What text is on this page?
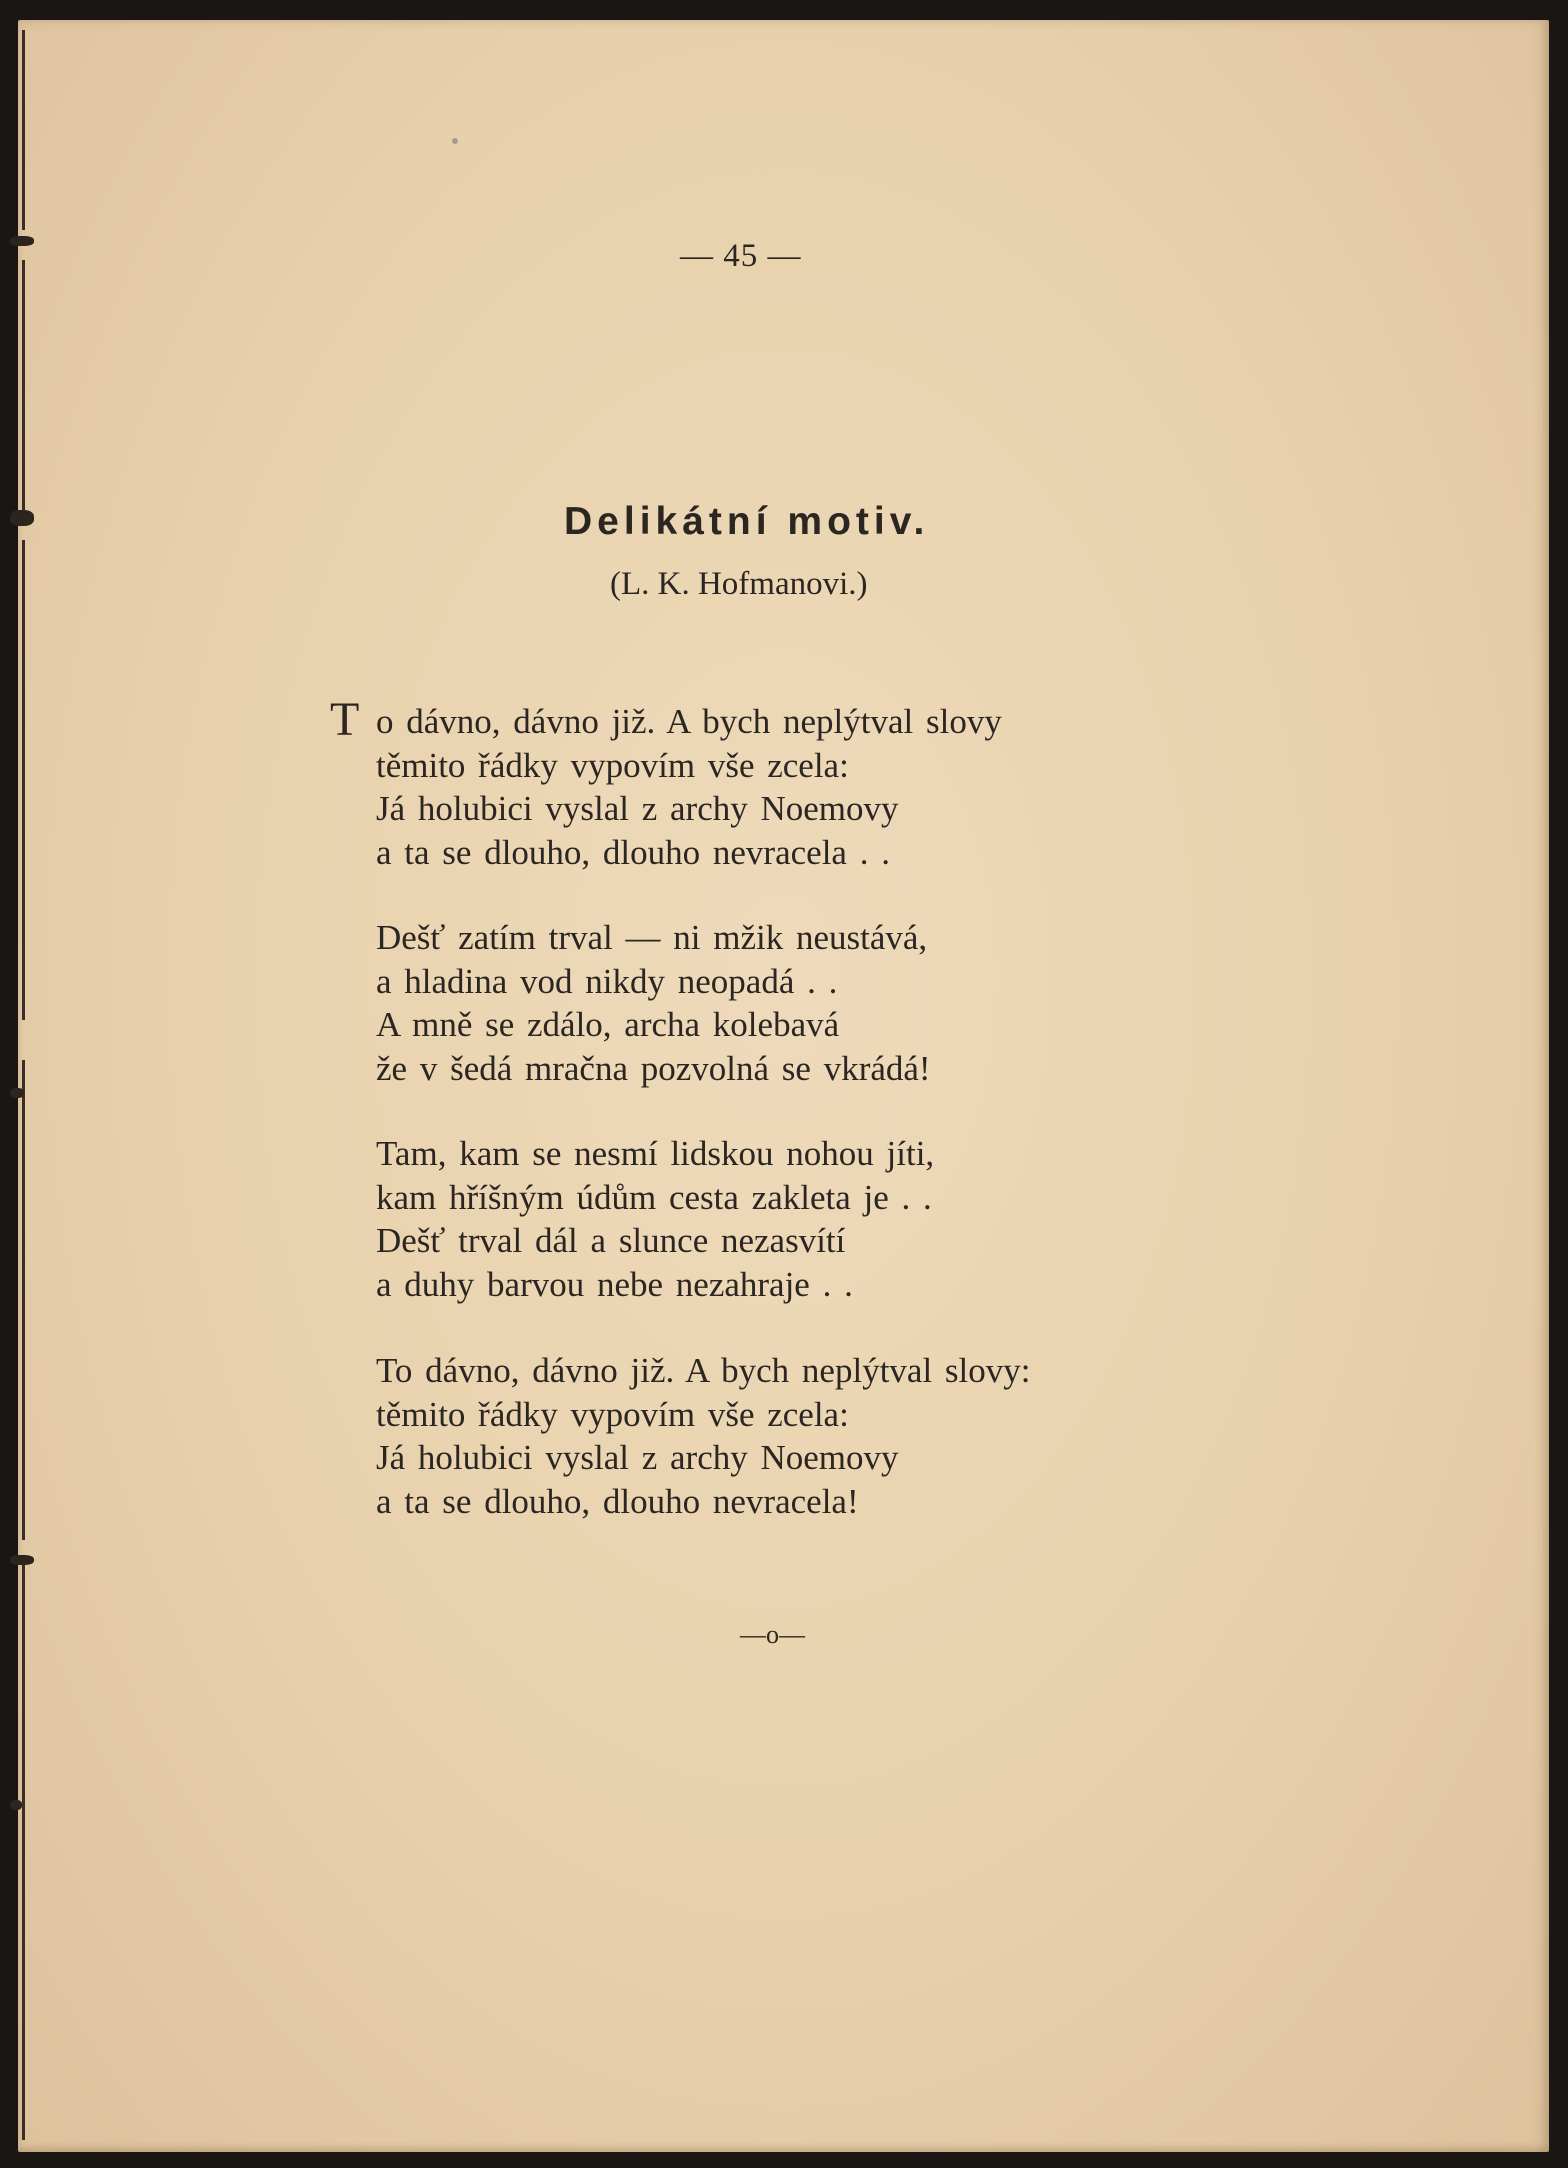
— 45 —
Delikátní motiv.
(L. K. Hofmanovi.)
T o dávno, dávno již. A bych neplýtval slovy
těmito řádky vypovím vše zcela:
Já holubici vyslal z archy Noemovy
a ta se dlouho, dlouho nevracela . .
Dešť zatím trval — ni mžik neustává,
a hladina vod nikdy neopadá . .
A mně se zdálo, archa kolebavá
že v šedá mračna pozvolná se vkrádá!
Tam, kam se nesmí lidskou nohou jíti,
kam hříšným údům cesta zakleta je . .
Dešť trval dál a slunce nezasvítí
a duhy barvou nebe nezahraje . .
To dávno, dávno již. A bych neplýtval slovy:
těmito řádky vypovím vše zcela:
Já holubici vyslal z archy Noemovy
a ta se dlouho, dlouho nevracela!
—o—
